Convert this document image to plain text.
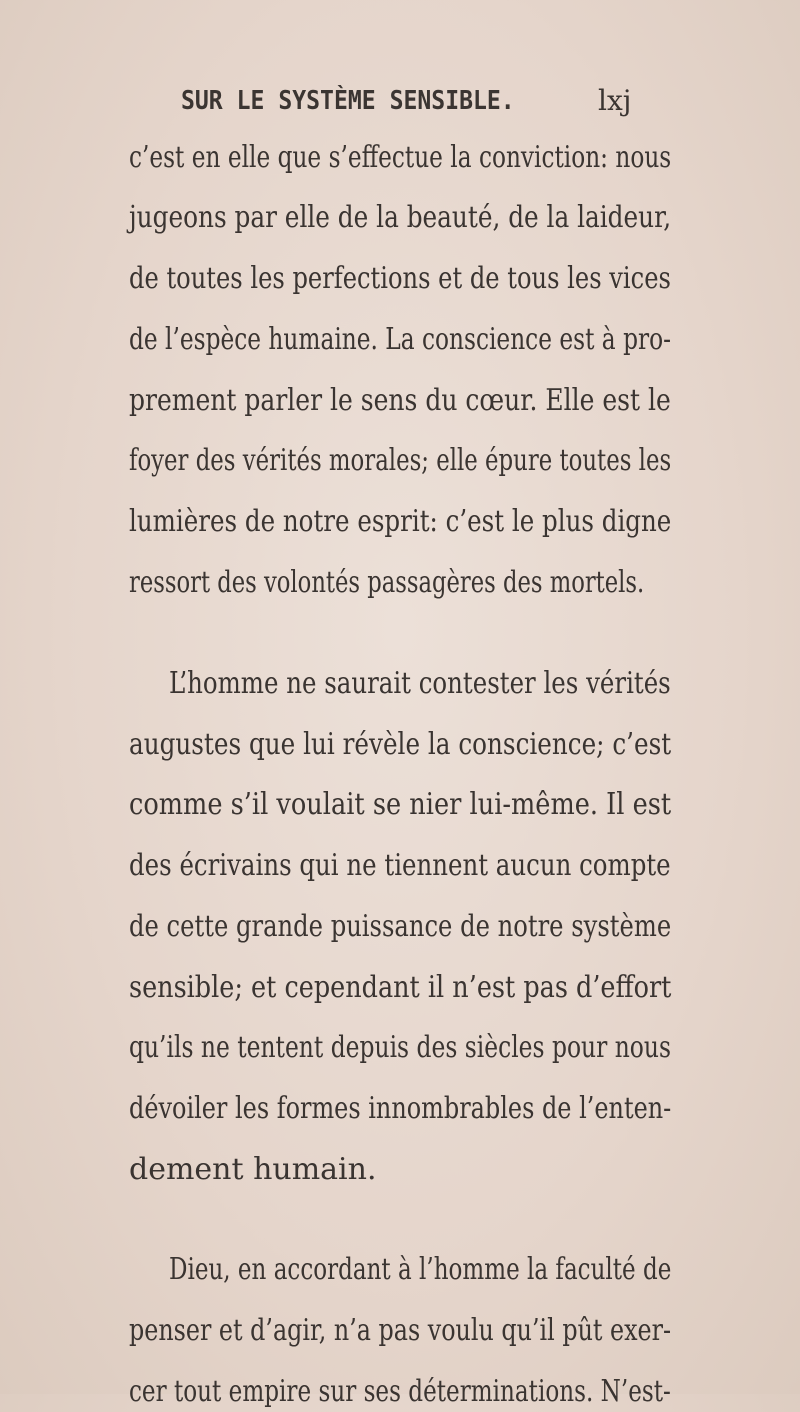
SUR LE SYSTÈME SENSIBLE.	lxj
c’est en elle que s’effectue la conviction: nous
jugeons par elle de la beauté, de la laideur,
de toutes les perfections et de tous les vices
de l’espèce humaine. La conscience est à pro-
prement parler le sens du cœur. Elle est le
foyer des vérités morales; elle épure toutes les
lumières de notre esprit: c’est le plus digne
ressort des volontés passagères des mortels.
L’homme ne saurait contester les vérités
augustes que lui révèle la conscience; c’est
comme s’il voulait se nier lui-même. Il est
des écrivains qui ne tiennent aucun compte
de cette grande puissance de notre système
sensible; et cependant il n’est pas d’effort
qu’ils ne tentent depuis des siècles pour nous
dévoiler les formes innombrables de l’enten-
dement humain.
Dieu, en accordant à l’homme la faculté de
penser et d’agir, n’a pas voulu qu’il pût exer-
cer tout empire sur ses déterminations. N’est-
